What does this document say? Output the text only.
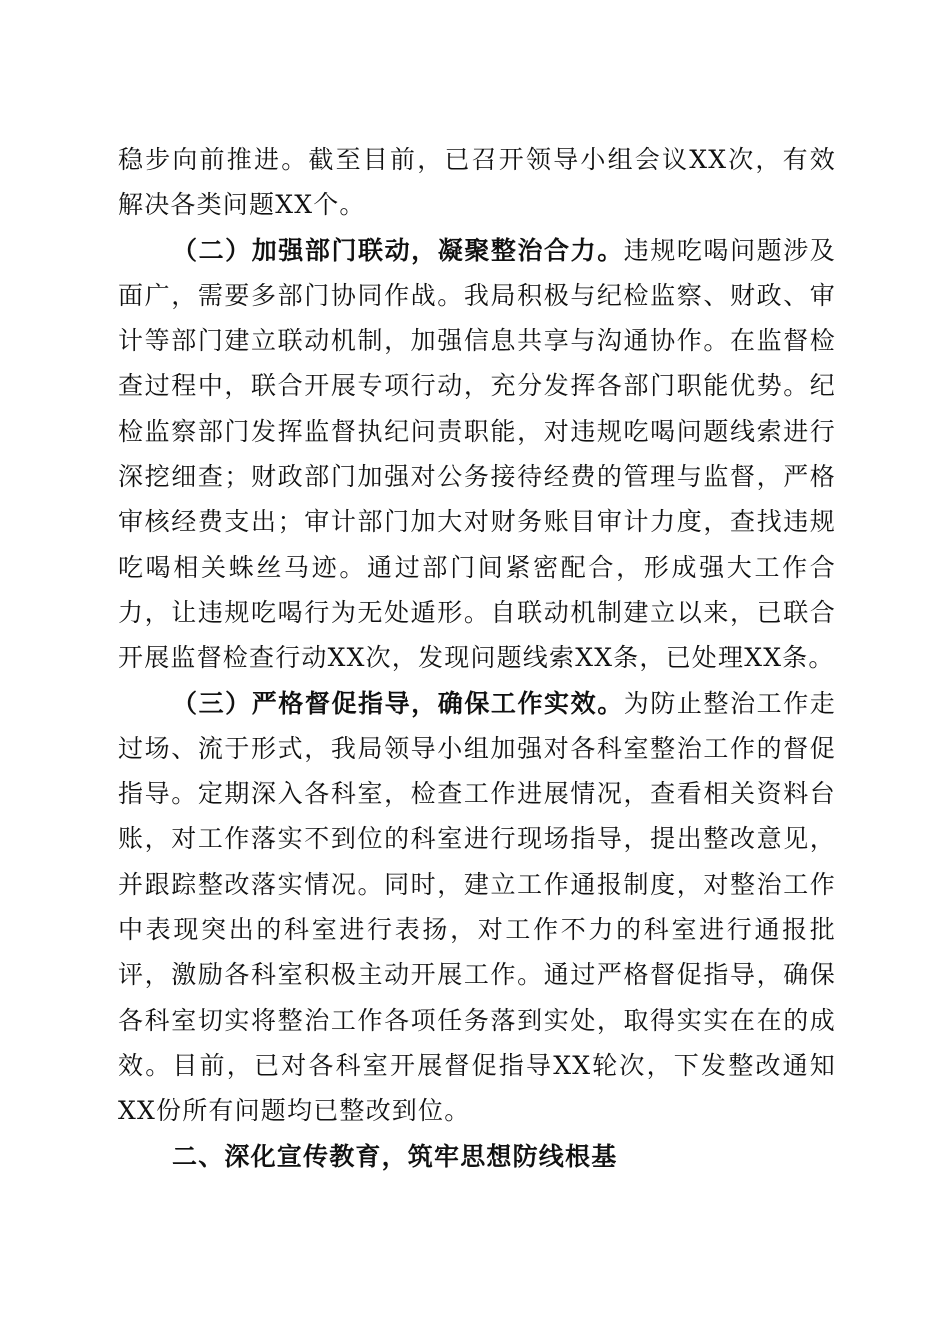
稳步向前推进。截至目前，已召开领导小组会议XX次，有效解决各类问题XX个。

（二）加强部门联动，凝聚整治合力。违规吃喝问题涉及面广，需要多部门协同作战。我局积极与纪检监察、财政、审计等部门建立联动机制，加强信息共享与沟通协作。在监督检查过程中，联合开展专项行动，充分发挥各部门职能优势。纪检监察部门发挥监督执纪问责职能，对违规吃喝问题线索进行深挖细查；财政部门加强对公务接待经费的管理与监督，严格审核经费支出；审计部门加大对财务账目审计力度，查找违规吃喝相关蛛丝马迹。通过部门间紧密配合，形成强大工作合力，让违规吃喝行为无处遁形。自联动机制建立以来，已联合开展监督检查行动XX次，发现问题线索XX条，已处理XX条。

（三）严格督促指导，确保工作实效。为防止整治工作走过场、流于形式，我局领导小组加强对各科室整治工作的督促指导。定期深入各科室，检查工作进展情况，查看相关资料台账，对工作落实不到位的科室进行现场指导，提出整改意见，并跟踪整改落实情况。同时，建立工作通报制度，对整治工作中表现突出的科室进行表扬，对工作不力的科室进行通报批评，激励各科室积极主动开展工作。通过严格督促指导，确保各科室切实将整治工作各项任务落到实处，取得实实在在的成效。目前，已对各科室开展督促指导XX轮次，下发整改通知XX份所有问题均已整改到位。

二、深化宣传教育，筑牢思想防线根基
